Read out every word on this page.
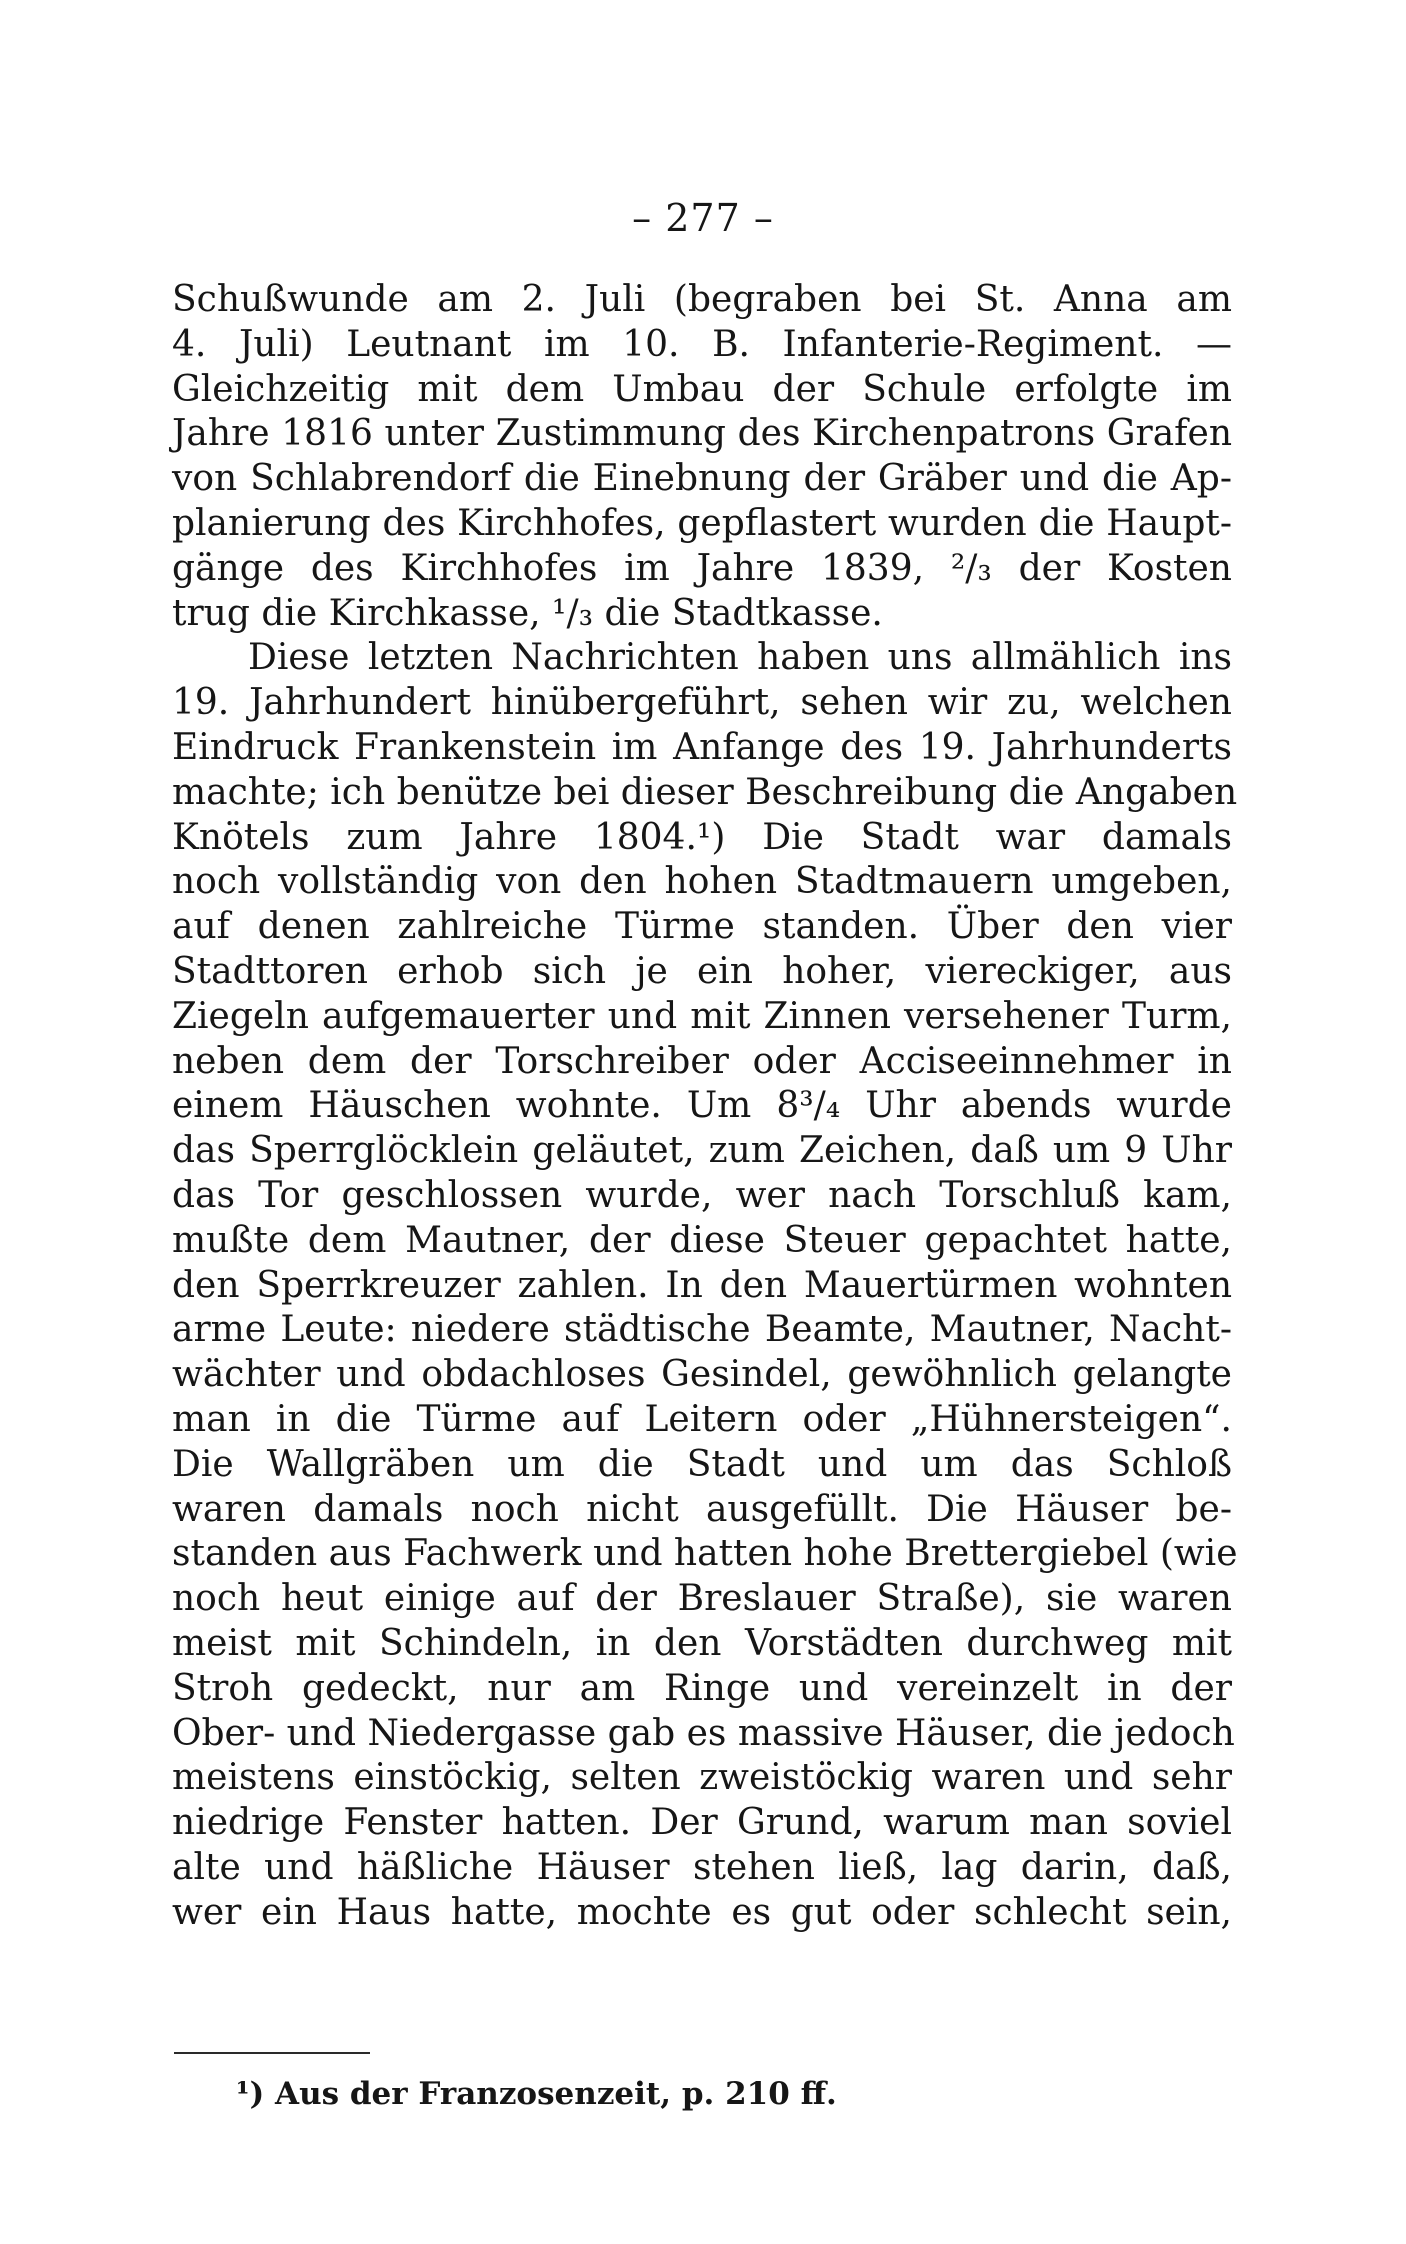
– 277 –
Schußwunde am 2. Juli (begraben bei St. Anna am
4. Juli) Leutnant im 10. B. Infanterie-Regiment. —
Gleichzeitig mit dem Umbau der Schule erfolgte im
Jahre 1816 unter Zustimmung des Kirchenpatrons Grafen
von Schlabrendorf die Einebnung der Gräber und die Ap-
planierung des Kirchhofes, gepflastert wurden die Haupt-
gänge des Kirchhofes im Jahre 1839, ²/₃ der Kosten
trug die Kirchkasse, ¹/₃ die Stadtkasse.
Diese letzten Nachrichten haben uns allmählich ins
19. Jahrhundert hinübergeführt, sehen wir zu, welchen
Eindruck Frankenstein im Anfange des 19. Jahrhunderts
machte; ich benütze bei dieser Beschreibung die Angaben
Knötels zum Jahre 1804.¹) Die Stadt war damals
noch vollständig von den hohen Stadtmauern umgeben,
auf denen zahlreiche Türme standen. Über den vier
Stadttoren erhob sich je ein hoher, viereckiger, aus
Ziegeln aufgemauerter und mit Zinnen versehener Turm,
neben dem der Torschreiber oder Acciseeinnehmer in
einem Häuschen wohnte. Um 8³/₄ Uhr abends wurde
das Sperrglöcklein geläutet, zum Zeichen, daß um 9 Uhr
das Tor geschlossen wurde, wer nach Torschluß kam,
mußte dem Mautner, der diese Steuer gepachtet hatte,
den Sperrkreuzer zahlen. In den Mauertürmen wohnten
arme Leute: niedere städtische Beamte, Mautner, Nacht-
wächter und obdachloses Gesindel, gewöhnlich gelangte
man in die Türme auf Leitern oder „Hühnersteigen“.
Die Wallgräben um die Stadt und um das Schloß
waren damals noch nicht ausgefüllt. Die Häuser be-
standen aus Fachwerk und hatten hohe Brettergiebel (wie
noch heut einige auf der Breslauer Straße), sie waren
meist mit Schindeln, in den Vorstädten durchweg mit
Stroh gedeckt, nur am Ringe und vereinzelt in der
Ober- und Niedergasse gab es massive Häuser, die jedoch
meistens einstöckig, selten zweistöckig waren und sehr
niedrige Fenster hatten. Der Grund, warum man soviel
alte und häßliche Häuser stehen ließ, lag darin, daß,
wer ein Haus hatte, mochte es gut oder schlecht sein,
¹) Aus der Franzosenzeit, p. 210 ff.
